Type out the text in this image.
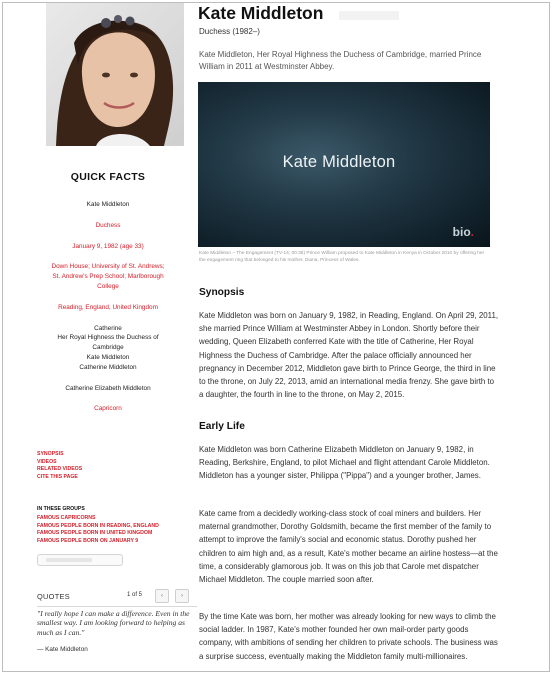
QUICK FACTS
Kate Middleton
Duchess
January 9, 1982 (age 33)
Down House; University of St. Andrews;
St. Andrew's Prep School; Marlborough
College
Reading, England, United Kingdom
Catherine
Her Royal Highness the Duchess of
Cambridge
Kate Middleton
Catherine Middleton
Catherine Elizabeth Middleton
Capricorn
SYNOPSIS
VIDEOS
RELATED VIDEOS
CITE THIS PAGE
IN THESE GROUPS
FAMOUS CAPRICORNS
FAMOUS PEOPLE BORN IN READING, ENGLAND
FAMOUS PEOPLE BORN IN UNITED KINGDOM
FAMOUS PEOPLE BORN ON JANUARY 9
QUOTES	1 of 5	‹	›
"I really hope I can make a difference. Even in the smallest way. I am looking forward to helping as much as I can."
— Kate Middleton
Kate Middleton
Duchess (1982–)
Kate Middleton, Her Royal Highness the Duchess of Cambridge, married Prince William in 2011 at Westminster Abbey.
Kate Middleton
bio.
Kate Middleton – The Engagement (TV-14; 00:36) Prince William proposed to Kate Middleton in Kenya in October 2010 by offering her the engagement ring that belonged to his mother, Diana, Princess of Wales.
Synopsis
Kate Middleton was born on January 9, 1982, in Reading, England. On April 29, 2011, she married Prince William at Westminster Abbey in London. Shortly before their wedding, Queen Elizabeth conferred Kate with the title of Catherine, Her Royal Highness the Duchess of Cambridge. After the palace officially announced her pregnancy in December 2012, Middleton gave birth to Prince George, the third in line to the throne, on July 22, 2013, amid an international media frenzy. She gave birth to a daughter, the fourth in line to the throne, on May 2, 2015.
Early Life
Kate Middleton was born Catherine Elizabeth Middleton on January 9, 1982, in Reading, Berkshire, England, to pilot Michael and flight attendant Carole Middleton. Middleton has a younger sister, Philippa ("Pippa") and a younger brother, James.
Kate came from a decidedly working-class stock of coal miners and builders. Her maternal grandmother, Dorothy Goldsmith, became the first member of the family to attempt to improve the family's social and economic status. Dorothy pushed her children to aim high and, as a result, Kate's mother became an airline hostess—at the time, a considerably glamorous job. It was on this job that Carole met dispatcher Michael Middleton. The couple married soon after.
By the time Kate was born, her mother was already looking for new ways to climb the social ladder. In 1987, Kate's mother founded her own mail-order party goods company, with ambitions of sending her children to private schools. The business was a surprise success, eventually making the Middleton family multi-millionaires.
